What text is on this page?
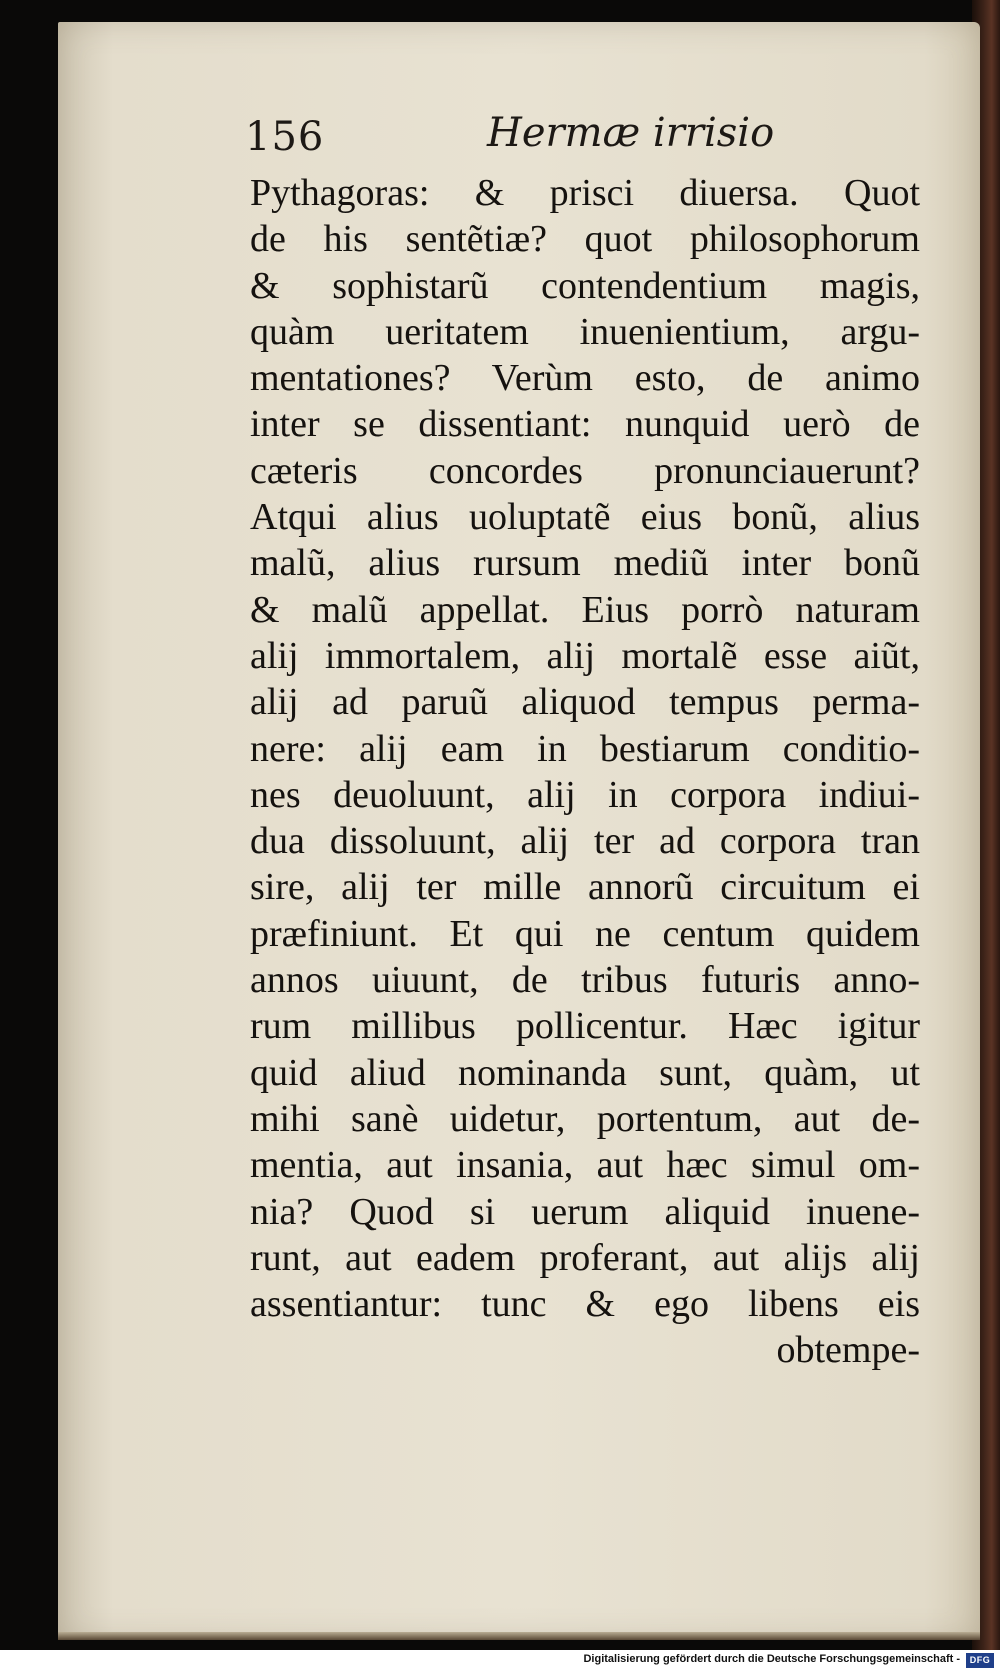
156	Hermæ irrisio
Pythagoras: & prisci diuersa. Quot
de his sentẽtiæ? quot philosophorum
& sophistarũ contendentium magis,
quàm ueritatem inuenientium, argu-
mentationes? Verùm esto, de animo
inter se dissentiant: nunquid uerò de
cæteris concordes pronunciauerunt?
Atqui alius uoluptatẽ eius bonũ, alius
malũ, alius rursum mediũ inter bonũ
& malũ appellat. Eius porrò naturam
alij immortalem, alij mortalẽ esse aiũt,
alij ad paruũ aliquod tempus perma-
nere: alij eam in bestiarum conditio-
nes deuoluunt, alij in corpora indiui-
dua dissoluunt, alij ter ad corpora tran
sire, alij ter mille annorũ circuitum ei
præfiniunt. Et qui ne centum quidem
annos uiuunt, de tribus futuris anno-
rum millibus pollicentur. Hæc igitur
quid aliud nominanda sunt, quàm, ut
mihi sanè uidetur, portentum, aut de-
mentia, aut insania, aut hæc simul om-
nia? Quod si uerum aliquid inuene-
runt, aut eadem proferant, aut alijs alij
assentiantur: tunc & ego libens eis
obtempe-
Digitalisierung gefördert durch die Deutsche Forschungsgemeinschaft -	DFG
